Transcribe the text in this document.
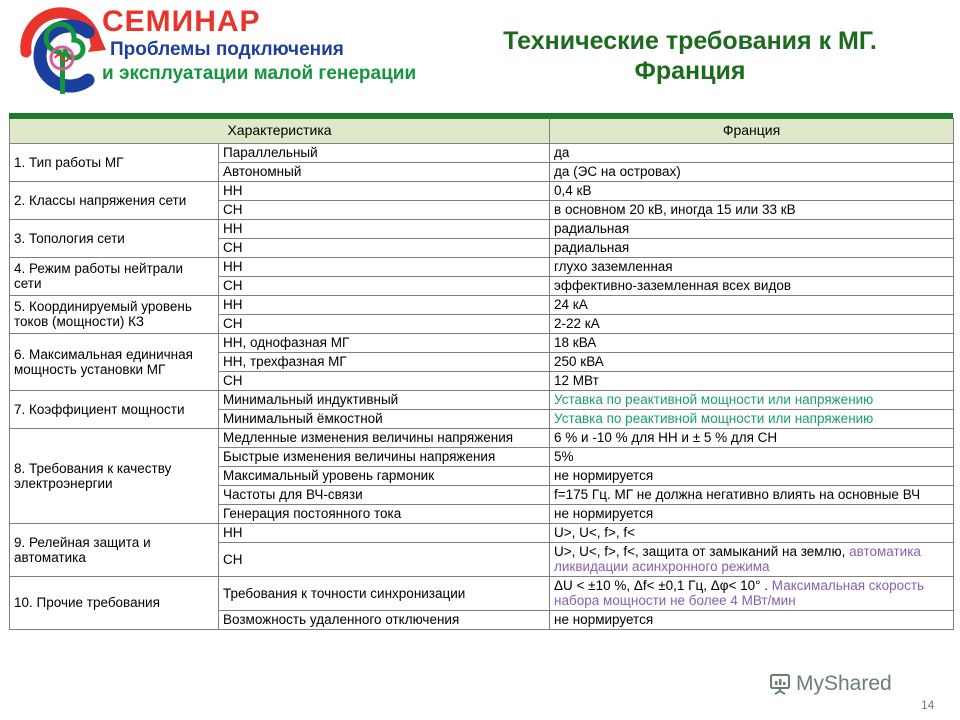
СЕМИНАР
Проблемы подключения
и эксплуатации малой генерации
Технические требования к МГ.
Франция
Характеристика		Франция
1. Тип работы МГ	Параллельный	да
	Автономный	да (ЭС на островах)
2. Классы напряжения сети	НН	0,4 кВ
	СН	в основном 20 кВ, иногда 15 или 33 кВ
3. Топология сети	НН	радиальная
	СН	радиальная
4. Режим работы нейтрали сети	НН	глухо заземленная
	СН	эффективно-заземленная всех видов
5. Координируемый уровень токов (мощности) КЗ	НН	24 кА
	СН	2-22 кА
6. Максимальная единичная мощность установки МГ	НН, однофазная МГ	18 кВА
	НН, трехфазная МГ	250 кВА
	СН	12 МВт
7. Коэффициент мощности	Минимальный индуктивный	Уставка по реактивной мощности или напряжению
	Минимальный ёмкостной	Уставка по реактивной мощности или напряжению
8. Требования к качеству электроэнергии	Медленные изменения величины напряжения	6 % и -10 % для НН и ± 5 % для СН
	Быстрые изменения величины напряжения	5%
	Максимальный уровень гармоник	не нормируется
	Частоты для ВЧ-связи	f=175 Гц. МГ не должна негативно влиять на основные ВЧ
	Генерация постоянного тока	не нормируется
9. Релейная защита и автоматика	НН	U>, U<, f>, f<
	СН	U>, U<, f>, f<, защита от замыканий на землю, автоматика ликвидации асинхронного режима
10. Прочие требования	Требования к точности синхронизации	ΔU < ±10 %, Δf< ±0,1 Гц, Δφ< 10° . Максимальная скорость набора мощности не более 4 МВт/мин
	Возможность удаленного отключения	не нормируется
MyShared
14
